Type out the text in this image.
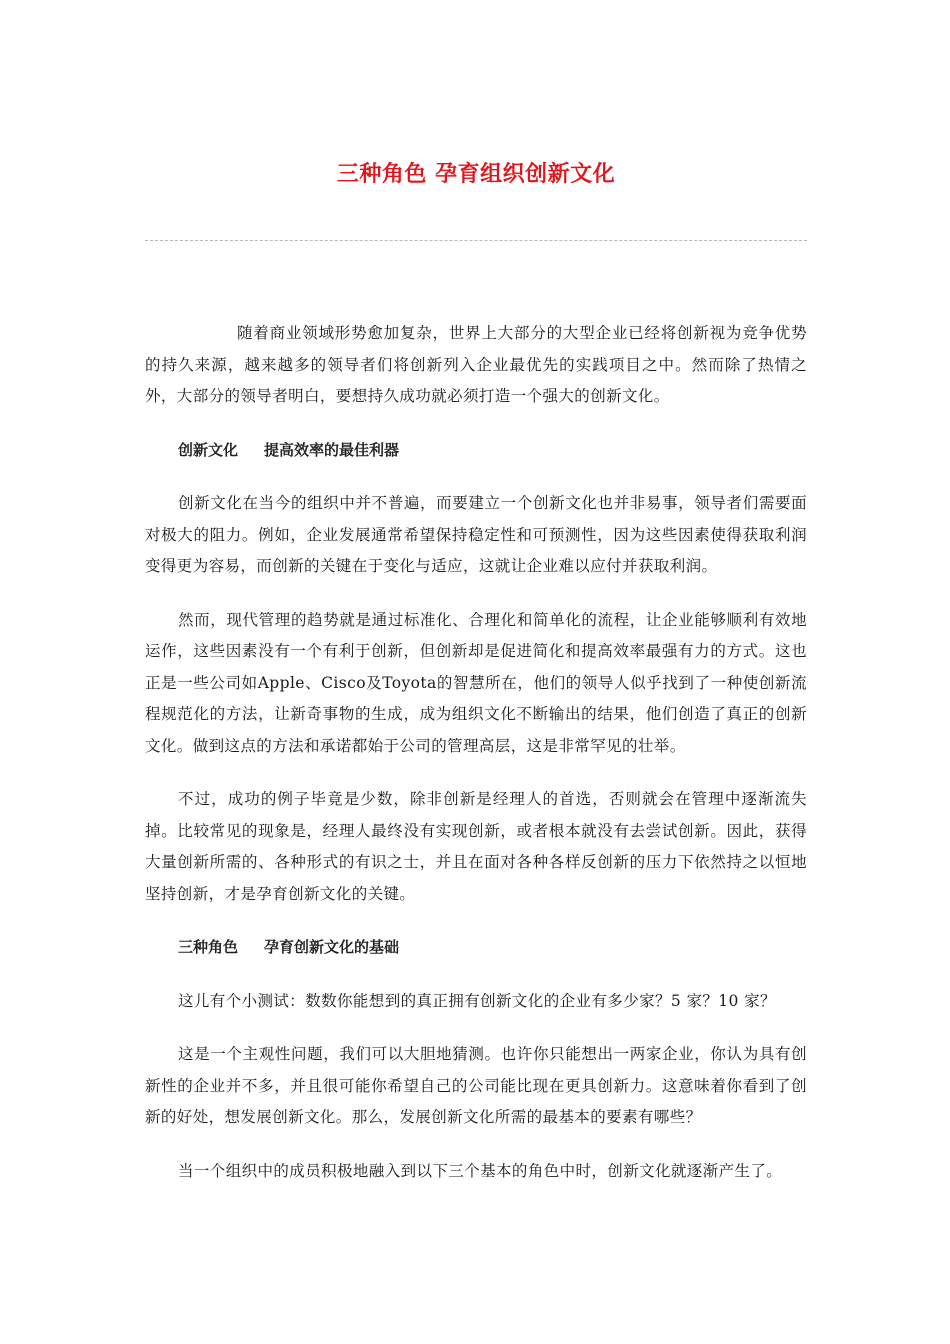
三种角色 孕育组织创新文化

随着商业领域形势愈加复杂，世界上大部分的大型企业已经将创新视为竞争优势的持久来源，越来越多的领导者们将创新列入企业最优先的实践项目之中。然而除了热情之外，大部分的领导者明白，要想持久成功就必须打造一个强大的创新文化。

创新文化 提高效率的最佳利器

创新文化在当今的组织中并不普遍，而要建立一个创新文化也并非易事，领导者们需要面对极大的阻力。例如，企业发展通常希望保持稳定性和可预测性，因为这些因素使得获取利润变得更为容易，而创新的关键在于变化与适应，这就让企业难以应付并获取利润。

然而，现代管理的趋势就是通过标准化、合理化和简单化的流程，让企业能够顺利有效地运作，这些因素没有一个有利于创新，但创新却是促进简化和提高效率最强有力的方式。这也正是一些公司如Apple、Cisco及Toyota的智慧所在，他们的领导人似乎找到了一种使创新流程规范化的方法，让新奇事物的生成，成为组织文化不断输出的结果，他们创造了真正的创新文化。做到这点的方法和承诺都始于公司的管理高层，这是非常罕见的壮举。

不过，成功的例子毕竟是少数，除非创新是经理人的首选，否则就会在管理中逐渐流失掉。比较常见的现象是，经理人最终没有实现创新，或者根本就没有去尝试创新。因此，获得大量创新所需的、各种形式的有识之士，并且在面对各种各样反创新的压力下依然持之以恒地坚持创新，才是孕育创新文化的关键。

三种角色 孕育创新文化的基础

这儿有个小测试：数数你能想到的真正拥有创新文化的企业有多少家？5 家？10 家？

这是一个主观性问题，我们可以大胆地猜测。也许你只能想出一两家企业，你认为具有创新性的企业并不多，并且很可能你希望自己的公司能比现在更具创新力。这意味着你看到了创新的好处，想发展创新文化。那么，发展创新文化所需的最基本的要素有哪些？

当一个组织中的成员积极地融入到以下三个基本的角色中时，创新文化就逐渐产生了。
